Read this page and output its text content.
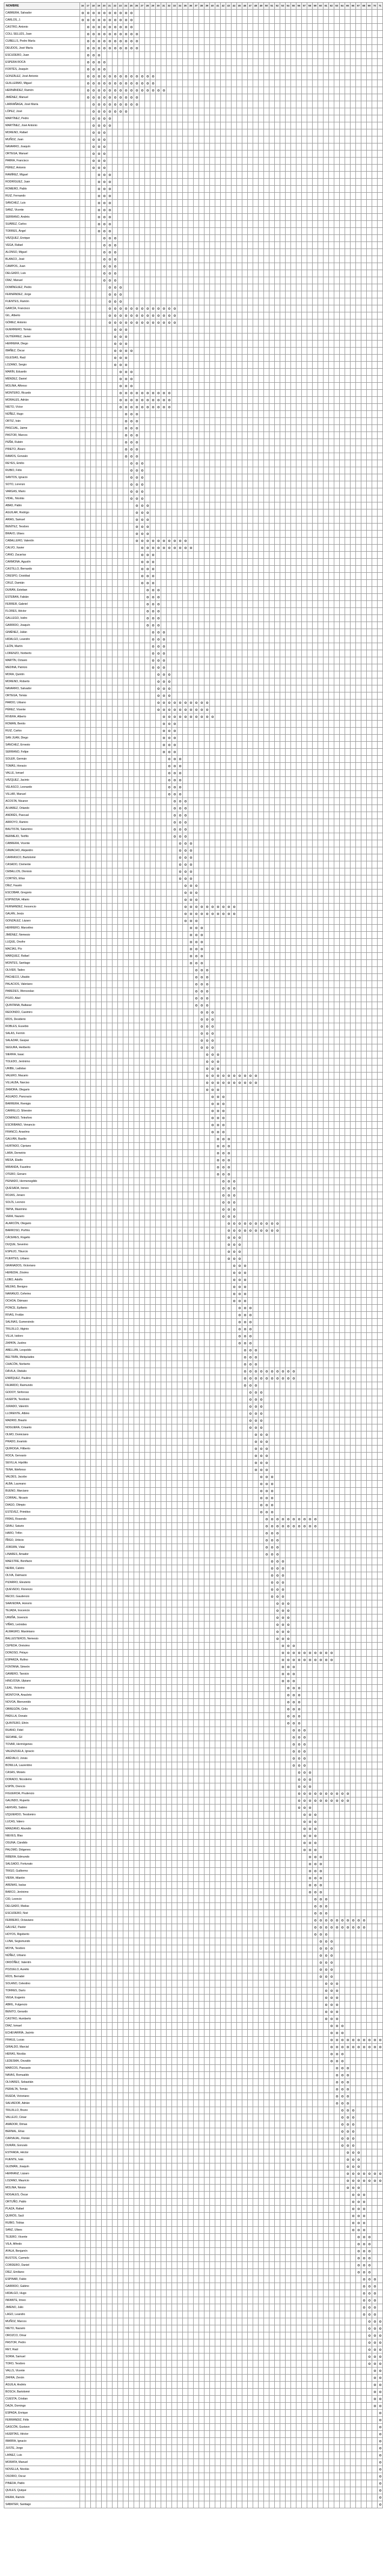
NOMBRE	16	17	18	19	20	21	22	23	24	25	26	27	28	29	30	31	32	33	34	35	36	37	38	39	40	41	42	43	44	45	46	47	48	49	50	51	52	53	54	55	56	57	58	59	60	61	62	63	64	65	66	67	68	69	70	71
CABRERA, Salvador																																																								
CARLOS, J.																																																								
CASTRO, Antonio																																																								
COLL SELLÉS, Juan																																																								
CUBELLS, Pedro María																																																								
DEUDOS, José María																																																								
ESCUDERO, Juan																																																								
ESPERA ROCA																																																								
FORTÉS, Joaquín																																																								
GONZÁLEZ, José Antonio																																																								
GUILLERMO, Miguel																																																								
HERNÁNDEZ, Ramón																																																								
JIMÉNEZ, Manuel																																																								
LARRAÑAGA, José María																																																								
LÓPEZ, José																																																								
MARTÍNEZ, Pedro																																																								
MARTÍNEZ, José Antonio																																																								
MORENO, Rafael																																																								
MUÑOZ, Juan																																																								
NAVARRO, Joaquín																																																								
ORTEGA, Manuel																																																								
PARRA, Francisco																																																								
PÉREZ, Antonio																																																								
RAMÍREZ, Miguel																																																								
RODRÍGUEZ, Juan																																																								
ROMERO, Pablo																																																								
RUIZ, Fernando																																																								
SÁNCHEZ, Luis																																																								
SANZ, Vicente																																																								
SERRANO, Andrés																																																								
SUÁREZ, Carlos																																																								
TORRES, Ángel																																																								
VÁZQUEZ, Enrique																																																								
VEGA, Rafael																																																								
ALONSO, Miguel																																																								
BLANCO, José																																																								
CAMPOS, Juan																																																								
DELGADO, Luis																																																								
DÍAZ, Manuel																																																								
DOMÍNGUEZ, Pedro																																																								
FERNÁNDEZ, Jorge																																																								
FUENTES, Ramón																																																								
GARCÍA, Francisco																																																								
GIL, Alberto																																																								
GÓMEZ, Antonio																																																								
GUERRERO, Tomás																																																								
GUTIÉRREZ, Javier																																																								
HERRERA, Diego																																																								
IBÁÑEZ, Óscar																																																								
IGLESIAS, Raúl																																																								
LOZANO, Sergio																																																								
MARÍN, Eduardo																																																								
MÉNDEZ, Daniel																																																								
MOLINA, Alfonso																																																								
MONTERO, Ricardo																																																								
MORALES, Adrián																																																								
NIETO, Víctor																																																								
NÚÑEZ, Hugo																																																								
ORTIZ, Iván																																																								
PASCUAL, Jaime																																																								
PASTOR, Marcos																																																								
PEÑA, Rubén																																																								
PRIETO, Álvaro																																																								
RAMOS, Gonzalo																																																								
REYES, Emilio																																																								
RUBIO, Félix																																																								
SANTOS, Ignacio																																																								
SOTO, Lorenzo																																																								
VARGAS, Mario																																																								
VIDAL, Nicolás																																																								
ABAD, Pablo																																																								
AGUILAR, Rodrigo																																																								
ARIAS, Samuel																																																								
BENÍTEZ, Teodoro																																																								
BRAVO, Ulises																																																								
CABALLERO, Valentín																																																								
CALVO, Xavier																																																								
CANO, Zacarías																																																								
CARMONA, Agustín																																																								
CASTILLO, Bernardo																																																								
CRESPO, Cristóbal																																																								
CRUZ, Damián																																																								
DURÁN, Esteban																																																								
ESTEBAN, Fabián																																																								
FERRER, Gabriel																																																								
FLORES, Héctor																																																								
GALLEGO, Isidro																																																								
GARRIDO, Joaquín																																																								
GIMÉNEZ, Julián																																																								
HIDALGO, Leandro																																																								
LEÓN, Martín																																																								
LORENZO, Norberto																																																								
MARTÍN, Octavio																																																								
MEDINA, Patricio																																																								
MORA, Quintín																																																								
MORENO, Roberto																																																								
NAVARRO, Salvador																																																								
ORTEGA, Tomás																																																								
PARDO, Urbano																																																								
PÉREZ, Vicente																																																								
RIVERA, Alberto																																																								
ROMÁN, Benito																																																								
RUIZ, Carlos																																																								
SAN JUAN, Diego																																																								
SÁNCHEZ, Ernesto																																																								
SERRANO, Felipe																																																								
SOLER, Germán																																																								
TOMÁS, Horacio																																																								
VALLE, Ismael																																																								
VÁZQUEZ, Jacinto																																																								
VELASCO, Leonardo																																																								
VILLAR, Manuel																																																								
ACOSTA, Nicanor																																																								
ÁLVAREZ, Orlando																																																								
ANDRÉS, Pascual																																																								
ARROYO, Ramiro																																																								
BAUTISTA, Saturnino																																																								
BERMEJO, Teófilo																																																								
CABRERA, Vicente																																																								
CAMACHO, Alejandro																																																								
CARRASCO, Bartolomé																																																								
CASADO, Clemente																																																								
CEBALLOS, Dionisio																																																								
CORTÉS, Elías																																																								
DÍEZ, Fausto																																																								
ESCOBAR, Gregorio																																																								
ESPINOSA, Hilario																																																								
FERNÁNDEZ, Inocencio																																																								
GALÁN, Jesús																																																								
GONZÁLEZ, Lázaro																																																								
HERRERO, Marcelino																																																								
JIMÉNEZ, Nemesio																																																								
LUQUE, Onofre																																																								
MACÍAS, Pío																																																								
MÁRQUEZ, Rafael																																																								
MONTES, Santiago																																																								
OLIVER, Tadeo																																																								
PACHECO, Ubaldo																																																								
PALACIOS, Valeriano																																																								
PAREDES, Wenceslao																																																								
POZO, Abel																																																								
QUINTANA, Baltasar																																																								
REDONDO, Casimiro																																																								
RÍOS, Desiderio																																																								
ROBLES, Eusebio																																																								
SALAS, Fermín																																																								
SALAZAR, Gaspar																																																								
SEGURA, Heriberto																																																								
SIERRA, Isaac																																																								
TOLEDO, Jerónimo																																																								
URIBE, Ladislao																																																								
VALERO, Macario																																																								
VILLALBA, Narciso																																																								
ZAMORA, Olegario																																																								
AGUADO, Pancracio																																																								
BARRERA, Remigio																																																								
CARRILLO, Silvestre																																																								
DOMINGO, Telesforo																																																								
ESCRIBANO, Venancio																																																								
FRANCO, Anselmo																																																								
GALVÁN, Basilio																																																								
HURTADO, Cipriano																																																								
LARA, Demetrio																																																								
MESA, Eladio																																																								
MIRANDA, Faustino																																																								
OTERO, Genaro																																																								
PEINADO, Hermenegildo																																																								
QUESADA, Ireneo																																																								
ROJAS, Jenaro																																																								
SOLÍS, Leoncio																																																								
TAPIA, Maximino																																																								
VERA, Nazario																																																								
ALARCÓN, Olegario																																																								
BARROSO, Porfirio																																																								
CÁCERES, Rogelio																																																								
DUQUE, Severino																																																								
ESPEJO, Tiburcio																																																								
FUERTES, Urbano																																																								
GRANADOS, Victoriano																																																								
HEREDIA, Zósimo																																																								
LOBO, Adolfo																																																								
MEJÍAS, Benigno																																																								
NARANJO, Ceferino																																																								
OCHOA, Dámaso																																																								
PONCE, Epifanio																																																								
RIVAS, Froilán																																																								
SALINAS, Gumersindo																																																								
TRUJILLO, Higinio																																																								
VILLA, Isidoro																																																								
ZAPATA, Justino																																																								
ABELLÁN, Leopoldo																																																								
BELTRÁN, Melquíades																																																								
CHACÓN, Norberto																																																								
DÁVILA, Obdulio																																																								
ENRÍQUEZ, Paulino																																																								
FAJARDO, Raimundo																																																								
GODOY, Sinforoso																																																								
HUERTA, Teodosio																																																								
JURADO, Valentín																																																								
LLORENTE, Albino																																																								
MADRID, Braulio																																																								
NOGUERA, Crisanto																																																								
OLMO, Domiciano																																																								
PRADO, Evaristo																																																								
QUIROGA, Filiberto																																																								
ROCA, Gervasio																																																								
SEVILLA, Hipólito																																																								
TENA, Ildefonso																																																								
VALDÉS, Jacobo																																																								
ALBA, Laureano																																																								
BUENO, Marciano																																																								
CORRAL, Nicasio																																																								
DIAGO, Olimpio																																																								
ESTÉVEZ, Primitivo																																																								
FRÍAS, Rosendo																																																								
GRAU, Saturio																																																								
HARO, Trifón																																																								
ÍÑIGO, Urbicio																																																								
JORDÁN, Vidal																																																								
LINARES, Amador																																																								
MAESTRE, Bonifacio																																																								
NEIRA, Calixto																																																								
OLIVA, Dalmacio																																																								
PIZARRO, Eleuterio																																																								
QUEVEDO, Florencio																																																								
RECIO, Gaudencio																																																								
SAAVEDRA, Honorio																																																								
TEJADA, Inocencio																																																								
UREÑA, Juvencio																																																								
VIÑAS, Leónides																																																								
ALMAGRO, Maximiano																																																								
BALLESTEROS, Nemesio																																																								
CEPEDA, Onésimo																																																								
DONOSO, Pelayo																																																								
ESPARZA, Rufino																																																								
FONTANA, Simeón																																																								
GAMERO, Tarsicio																																																								
HINOJOSA, Ulpiano																																																								
LEAL, Victorino																																																								
MONTOYA, Anacleto																																																								
NOVOA, Bienvenido																																																								
OBREGÓN, Cirilo																																																								
PADILLA, Donato																																																								
QUINTERO, Efrén																																																								
RUANO, Fidel																																																								
SEOANE, Gil																																																								
TOVAR, Hermógenes																																																								
VALENZUELA, Ignacio																																																								
ARÉVALO, Jonás																																																								
BONILLA, Laurentino																																																								
CASAS, Moisés																																																								
DORADO, Nicodemo																																																								
ESPÍN, Orencio																																																								
FIGUEROA, Prudencio																																																								
GALINDO, Ruperto																																																								
HERVÁS, Sabino																																																								
IZQUIERDO, Teodomiro																																																								
LUCAS, Valero																																																								
MANZANO, Abundio																																																								
NIEVES, Blas																																																								
OSUNA, Cándido																																																								
PALOMO, Diógenes																																																								
RIBERA, Edmundo																																																								
SALGADO, Fortunato																																																								
TRIGO, Guillermo																																																								
VIERA, Hilarión																																																								
ARENAS, Isaías																																																								
BARCO, Jerónimo																																																								
CID, Leoncio																																																								
DELGADO, Matías																																																								
ESCUDERO, Noé																																																								
FERRERO, Octaviano																																																								
GÁLVEZ, Pastor																																																								
HOYOS, Rigoberto																																																								
LUNA, Segismundo																																																								
MOYA, Teodoro																																																								
NÚÑEZ, Urbano																																																								
ORDÓÑEZ, Valentín																																																								
POZUELO, Aurelio																																																								
RÍOS, Bernabé																																																								
SOLANO, Celestino																																																								
TORRES, Darío																																																								
VEGA, Eugenio																																																								
ABRIL, Fulgencio																																																								
BENITO, Gerardo																																																								
CASTRO, Humberto																																																								
DÍAZ, Ismael																																																								
ECHEVARRÍA, Jacinto																																																								
FRAILE, Lucas																																																								
GIRALDO, Marcial																																																								
HERAS, Nicolás																																																								
LEDESMA, Osvaldo																																																								
MARCOS, Pascasio																																																								
NAVAS, Romualdo																																																								
OLIVARES, Sebastián																																																								
PERALTA, Tomás																																																								
RUEDA, Victoriano																																																								
SALVADOR, Adrián																																																								
TRUJILLO, Bruno																																																								
VALLEJO, César																																																								
AMADOR, Dimas																																																								
BERNAL, Elías																																																								
CARVAJAL, Florián																																																								
DURÁN, Gonzalo																																																								
ESTRADA, Héctor																																																								
FUENTE, Iván																																																								
GUZMÁN, Joaquín																																																								
HERRANZ, Lázaro																																																								
LOZANO, Mauricio																																																								
MOLINA, Néstor																																																								
NOGALES, Óscar																																																								
ORTUÑO, Pablo																																																								
PLAZA, Rafael																																																								
QUIRÓS, Saúl																																																								
RUBIO, Tobías																																																								
SANZ, Ulises																																																								
TEJERO, Vicente																																																								
VILA, Alfredo																																																								
AYALA, Benjamín																																																								
BUSTOS, Carmelo																																																								
CORDERO, Daniel																																																								
DÍEZ, Emiliano																																																								
ESPINAR, Fabio																																																								
GARRIDO, Gabino																																																								
HIDALGO, Hugo																																																								
INFANTE, Irineo																																																								
JIMENO, Julio																																																								
LAGO, Leandro																																																								
MUÑOZ, Marcos																																																								
NIETO, Nazario																																																								
OROZCO, Omar																																																								
PASTOR, Pedro																																																								
REY, Raúl																																																								
SORIA, Samuel																																																								
TORO, Teodoro																																																								
VALLS, Vicente																																																								
ZAFRA, Zenón																																																								
ÁGUILA, Andrés																																																								
BOSCH, Bartolomé																																																								
CUESTA, Cristian																																																								
DAZA, Domingo																																																								
ESPADA, Enrique																																																								
FERRÁNDIZ, Félix																																																								
GASCÓN, Gustavo																																																								
HUERTAS, Héctor																																																								
IBARRA, Ignacio																																																								
JUSTE, Jorge																																																								
LAINEZ, Luis																																																								
MORATA, Manuel																																																								
NOVELLA, Nicolás																																																								
OSORIO, Oscar																																																								
PINEDA, Pablo																																																								
QUILES, Quique																																																								
RIERA, Ramón																																																								
SABATER, Santiago																																																								
